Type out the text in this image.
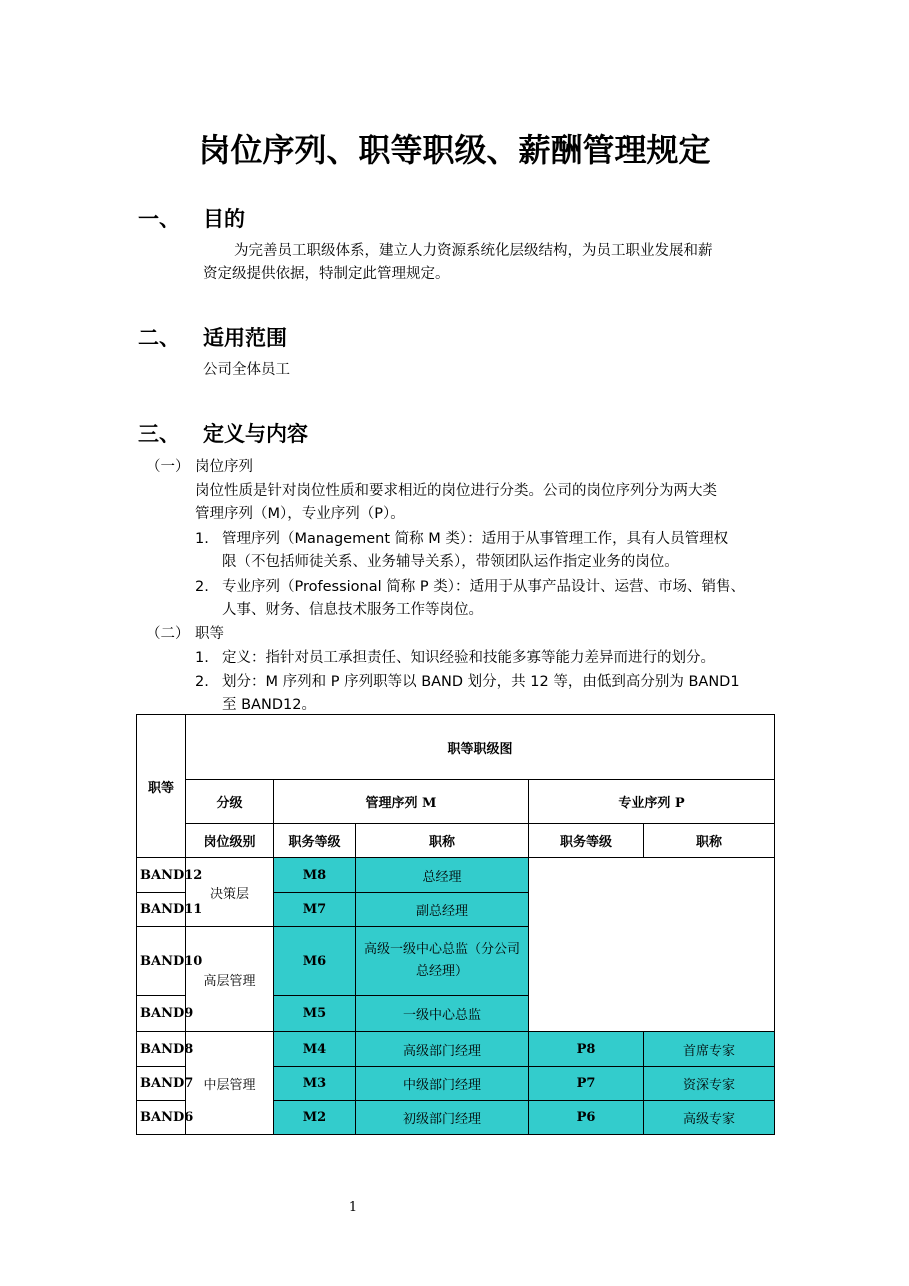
岗位序列、职等职级、薪酬管理规定
一、 目的
为完善员工职级体系，建立人力资源系统化层级结构，为员工职业发展和薪
资定级提供依据，特制定此管理规定。
二、 适用范围
公司全体员工
三、 定义与内容
（一） 岗位序列
岗位性质是针对岗位性质和要求相近的岗位进行分类。公司的岗位序列分为两大类
管理序列（M），专业序列（P）。
1. 管理序列（Management 简称 M 类）：适用于从事管理工作，具有人员管理权
限（不包括师徒关系、业务辅导关系），带领团队运作指定业务的岗位。
2. 专业序列（Professional 简称 P 类）：适用于从事产品设计、运营、市场、销售、
人事、财务、信息技术服务工作等岗位。
（二） 职等
1. 定义：指针对员工承担责任、知识经验和技能多寡等能力差异而进行的划分。
2. 划分：M 序列和 P 序列职等以 BAND 划分，共 12 等，由低到高分别为 BAND1
至 BAND12。
职等	职等职级图				
	分级	管理序列 M		专业序列 P	
	岗位级别	职务等级	职称	职务等级	职称
BAND12	决策层	M8	总经理		
BAND11		M7	副总经理		
BAND10	高层管理	M6	高级一级中心总监（分公司总经理）		
BAND9		M5	一级中心总监		
BAND8	中层管理	M4	高级部门经理	P8	首席专家
BAND7		M3	中级部门经理	P7	资深专家
BAND6		M2	初级部门经理	P6	高级专家
1
